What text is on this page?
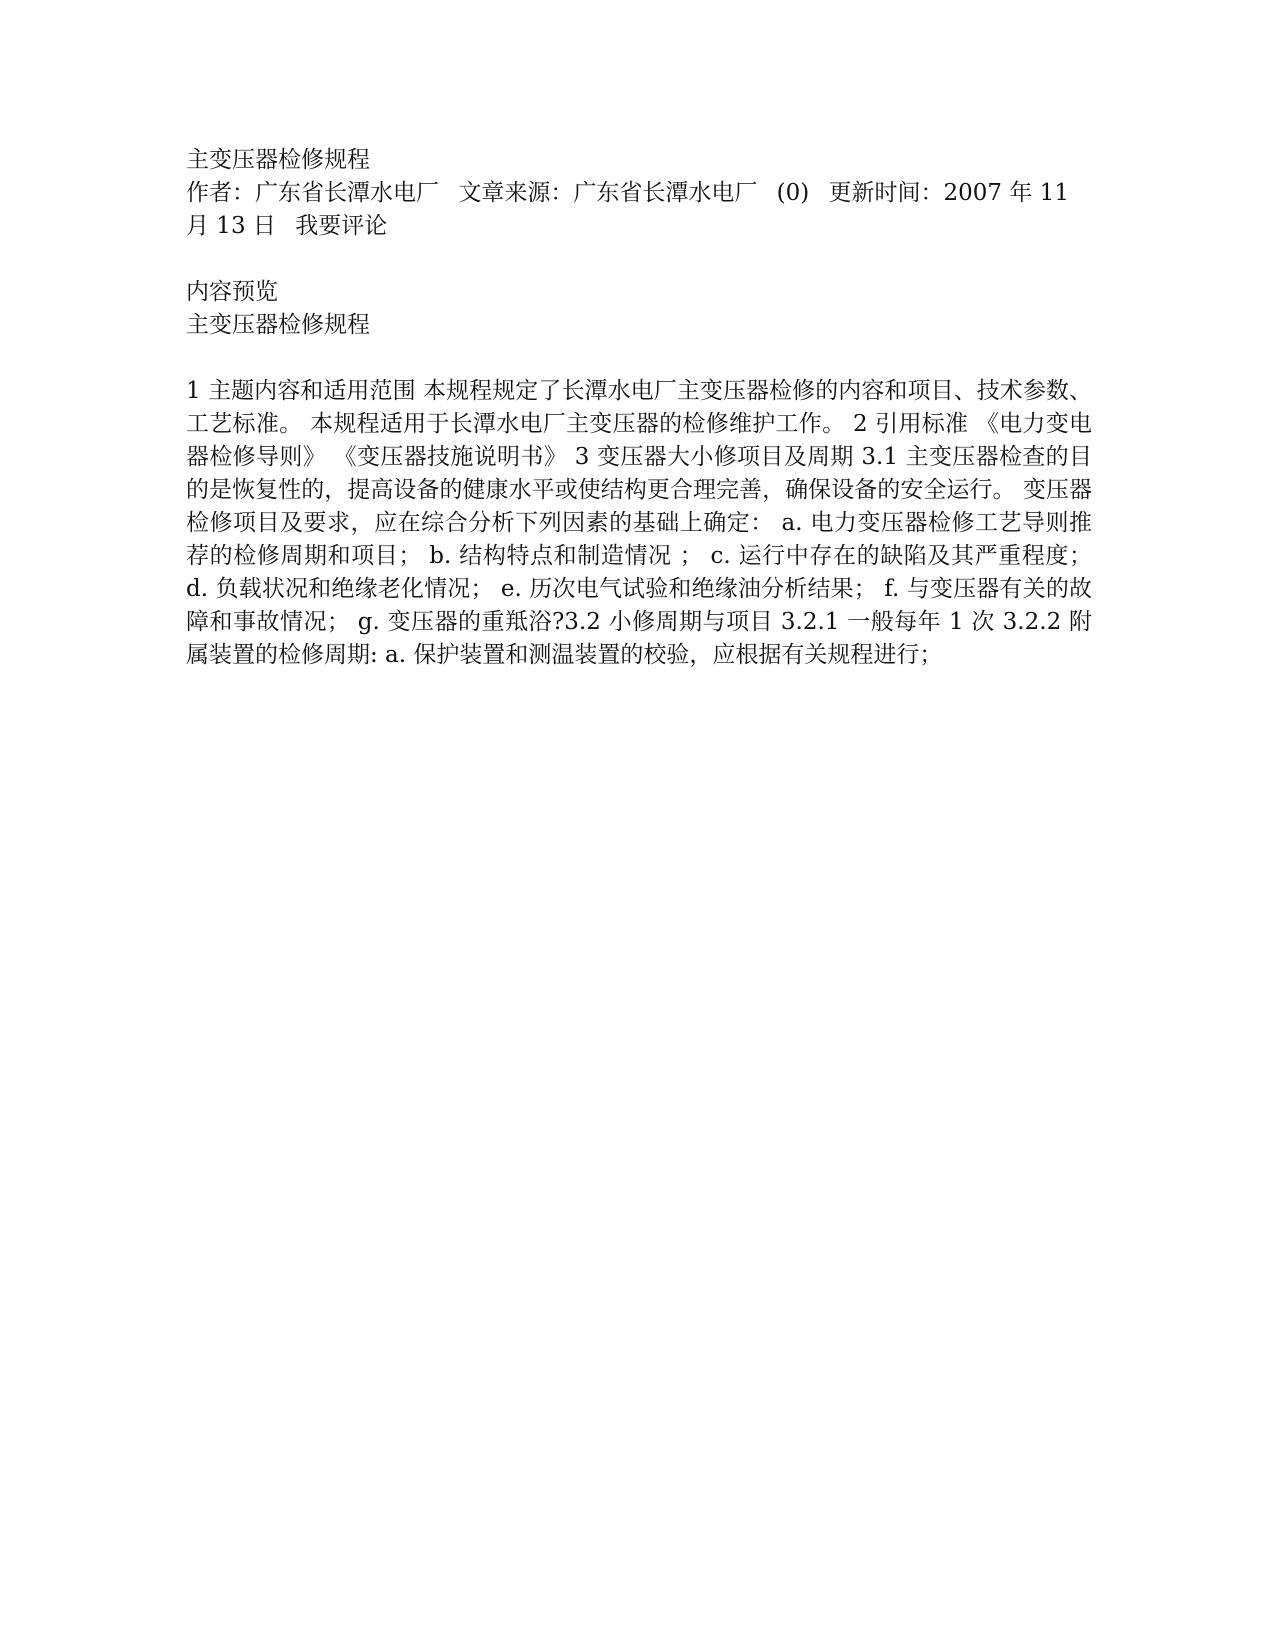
主变压器检修规程
作者：广东省长潭水电厂 文章来源：广东省长潭水电厂 (0) 更新时间：2007 年 11 月 13 日 我要评论
内容预览
主变压器检修规程

1 主题内容和适用范围 本规程规定了长潭水电厂主变压器检修的内容和项目、技术参数、工艺标准。 本规程适用于长潭水电厂主变压器的检修维护工作。 2 引用标准 《电力变电器检修导则》 《变压器技施说明书》 3 变压器大小修项目及周期 3.1 主变压器检查的目的是恢复性的，提高设备的健康水平或使结构更合理完善，确保设备的安全运行。 变压器检修项目及要求，应在综合分析下列因素的基础上确定： a. 电力变压器检修工艺导则推荐的检修周期和项目； b. 结构特点和制造情况 ； c. 运行中存在的缺陷及其严重程度； d. 负载状况和绝缘老化情况； e. 历次电气试验和绝缘油分析结果； f. 与变压器有关的故障和事故情况； g. 变压器的重羝浴?3.2 小修周期与项目 3.2.1 一般每年 1 次 3.2.2 附属装置的检修周期: a. 保护装置和测温装置的校验，应根据有关规程进行；
